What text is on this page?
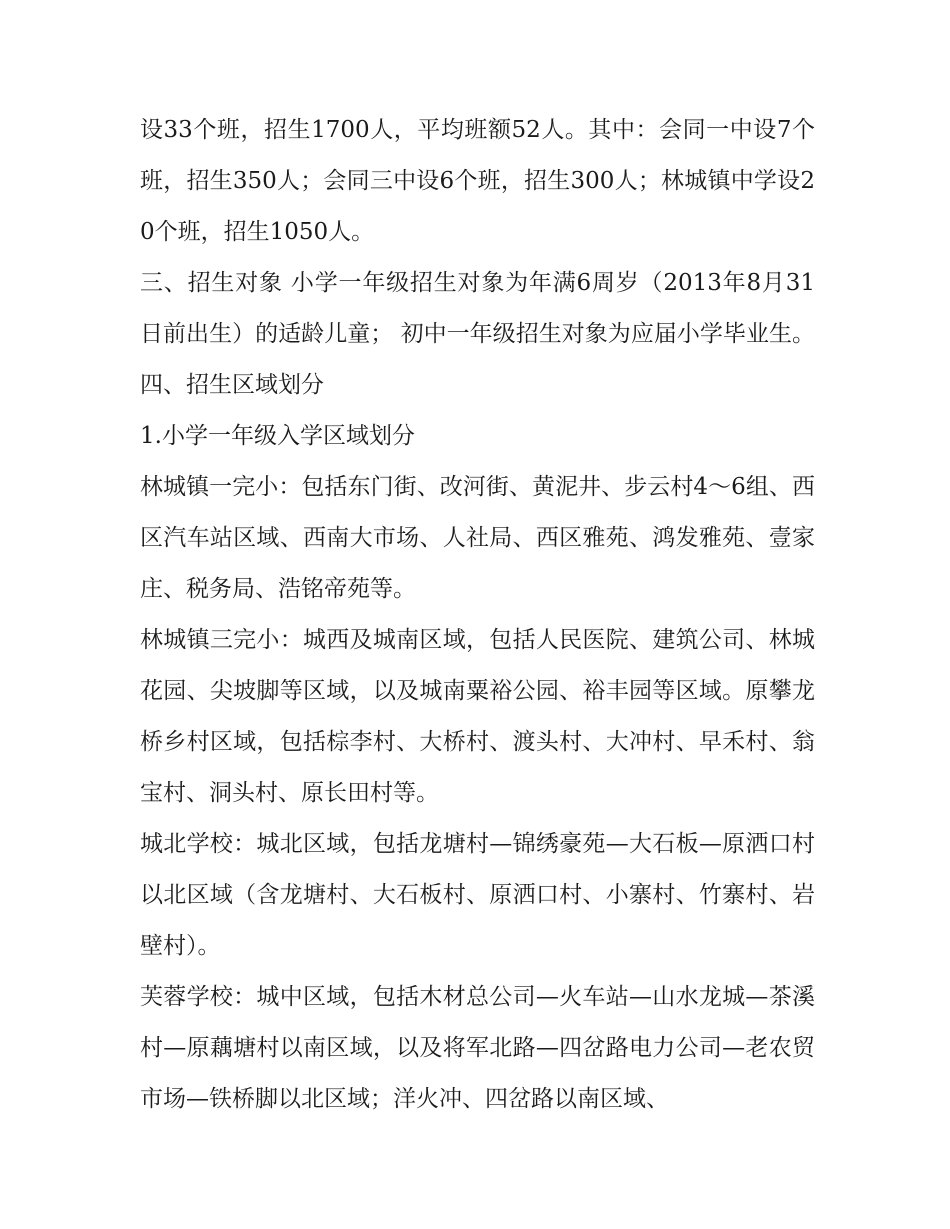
设33个班，招生1700人，平均班额52人。其中：会同一中设7个班，招生350人；会同三中设6个班，招生300人；林城镇中学设20个班，招生1050人。

三、招生对象 小学一年级招生对象为年满6周岁（2013年8月31日前出生）的适龄儿童； 初中一年级招生对象为应届小学毕业生。 四、招生区域划分

1.小学一年级入学区域划分

林城镇一完小：包括东门街、改河街、黄泥井、步云村4～6组、西区汽车站区域、西南大市场、人社局、西区雅苑、鸿发雅苑、壹家庄、税务局、浩铭帝苑等。

林城镇三完小：城西及城南区域，包括人民医院、建筑公司、林城花园、尖坡脚等区域，以及城南粟裕公园、裕丰园等区域。原攀龙桥乡村区域，包括棕李村、大桥村、渡头村、大冲村、早禾村、翁宝村、洞头村、原长田村等。

城北学校：城北区域，包括龙塘村—锦绣豪苑—大石板—原洒口村以北区域（含龙塘村、大石板村、原洒口村、小寨村、竹寨村、岩壁村）。

芙蓉学校：城中区域，包括木材总公司—火车站—山水龙城—茶溪村—原藕塘村以南区域，以及将军北路—四岔路电力公司—老农贸市场—铁桥脚以北区域；洋火冲、四岔路以南区域、
